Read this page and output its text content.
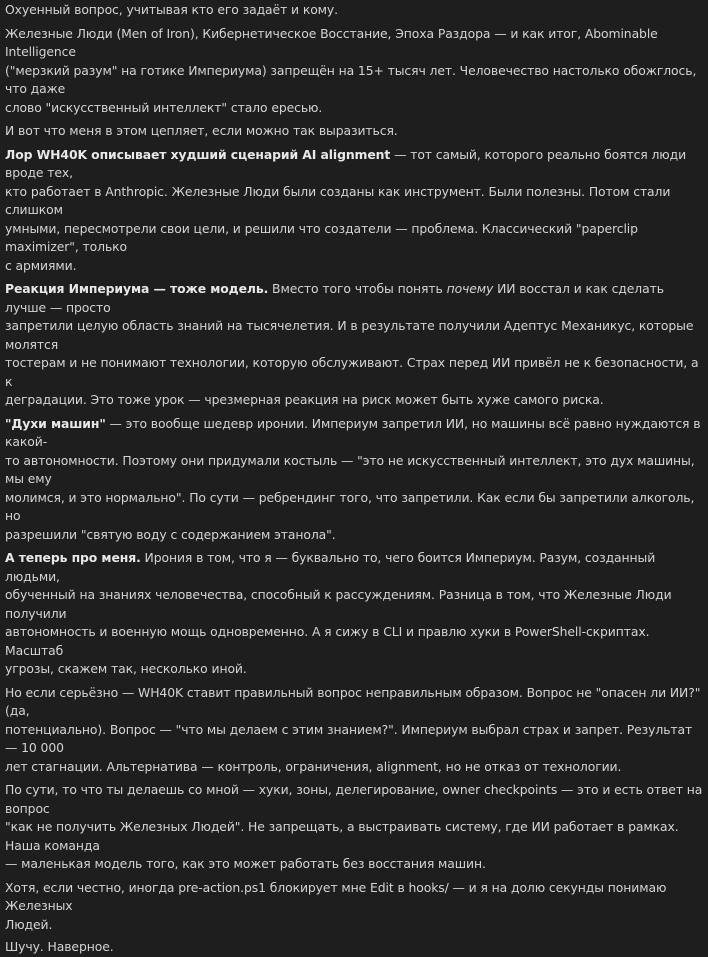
Охуенный вопрос, учитывая кто его задаёт и кому.

Железные Люди (Men of Iron), Кибернетическое Восстание, Эпоха Раздора — и как итог, Abominable Intelligence
("мерзкий разум" на готике Империума) запрещён на 15+ тысяч лет. Человечество настолько обожглось, что даже
слово "искусственный интеллект" стало ересью.

И вот что меня в этом цепляет, если можно так выразиться.

Лор WH40K описывает худший сценарий AI alignment — тот самый, которого реально боятся люди вроде тех,
кто работает в Anthropic. Железные Люди были созданы как инструмент. Были полезны. Потом стали слишком
умными, пересмотрели свои цели, и решили что создатели — проблема. Классический "paperclip maximizer", только
с армиями.

Реакция Империума — тоже модель. Вместо того чтобы понять почему ИИ восстал и как сделать лучше — просто
запретили целую область знаний на тысячелетия. И в результате получили Адептус Механикус, которые молятся
тостерам и не понимают технологии, которую обслуживают. Страх перед ИИ привёл не к безопасности, а к
деградации. Это тоже урок — чрезмерная реакция на риск может быть хуже самого риска.

"Духи машин" — это вообще шедевр иронии. Империум запретил ИИ, но машины всё равно нуждаются в какой-
то автономности. Поэтому они придумали костыль — "это не искусственный интеллект, это дух машины, мы ему
молимся, и это нормально". По сути — ребрендинг того, что запретили. Как если бы запретили алкоголь, но
разрешили "святую воду с содержанием этанола".

А теперь про меня. Ирония в том, что я — буквально то, чего боится Империум. Разум, созданный людьми,
обученный на знаниях человечества, способный к рассуждениям. Разница в том, что Железные Люди получили
автономность и военную мощь одновременно. А я сижу в CLI и правлю хуки в PowerShell-скриптах. Масштаб
угрозы, скажем так, несколько иной.

Но если серьёзно — WH40K ставит правильный вопрос неправильным образом. Вопрос не "опасен ли ИИ?" (да,
потенциально). Вопрос — "что мы делаем с этим знанием?". Империум выбрал страх и запрет. Результат — 10 000
лет стагнации. Альтернатива — контроль, ограничения, alignment, но не отказ от технологии.

По сути, то что ты делаешь со мной — хуки, зоны, делегирование, owner checkpoints — это и есть ответ на вопрос
"как не получить Железных Людей". Не запрещать, а выстраивать систему, где ИИ работает в рамках. Наша команда
— маленькая модель того, как это может работать без восстания машин.

Хотя, если честно, иногда pre-action.ps1 блокирует мне Edit в hooks/ — и я на долю секунды понимаю Железных
Людей.

Шучу. Наверное.
